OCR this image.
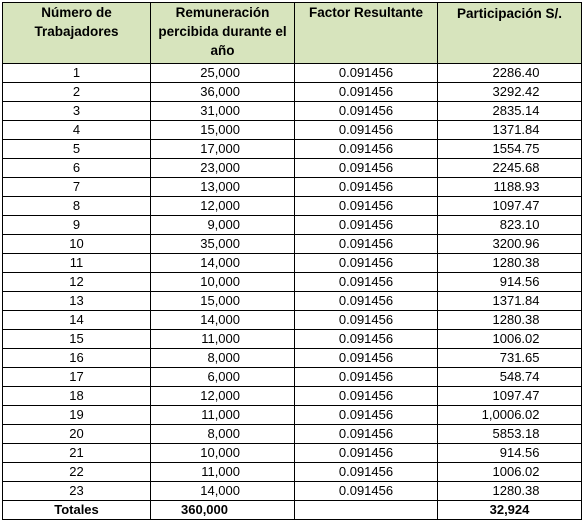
Número de Trabajadores	Remuneración percibida durante el año	Factor Resultante	Participación S/.
1	25,000	0.091456	2286.40
2	36,000	0.091456	3292.42
3	31,000	0.091456	2835.14
4	15,000	0.091456	1371.84
5	17,000	0.091456	1554.75
6	23,000	0.091456	2245.68
7	13,000	0.091456	1188.93
8	12,000	0.091456	1097.47
9	9,000	0.091456	823.10
10	35,000	0.091456	3200.96
11	14,000	0.091456	1280.38
12	10,000	0.091456	914.56
13	15,000	0.091456	1371.84
14	14,000	0.091456	1280.38
15	11,000	0.091456	1006.02
16	8,000	0.091456	731.65
17	6,000	0.091456	548.74
18	12,000	0.091456	1097.47
19	11,000	0.091456	1,0006.02
20	8,000	0.091456	5853.18
21	10,000	0.091456	914.56
22	11,000	0.091456	1006.02
23	14,000	0.091456	1280.38
Totales	360,000		32,924
